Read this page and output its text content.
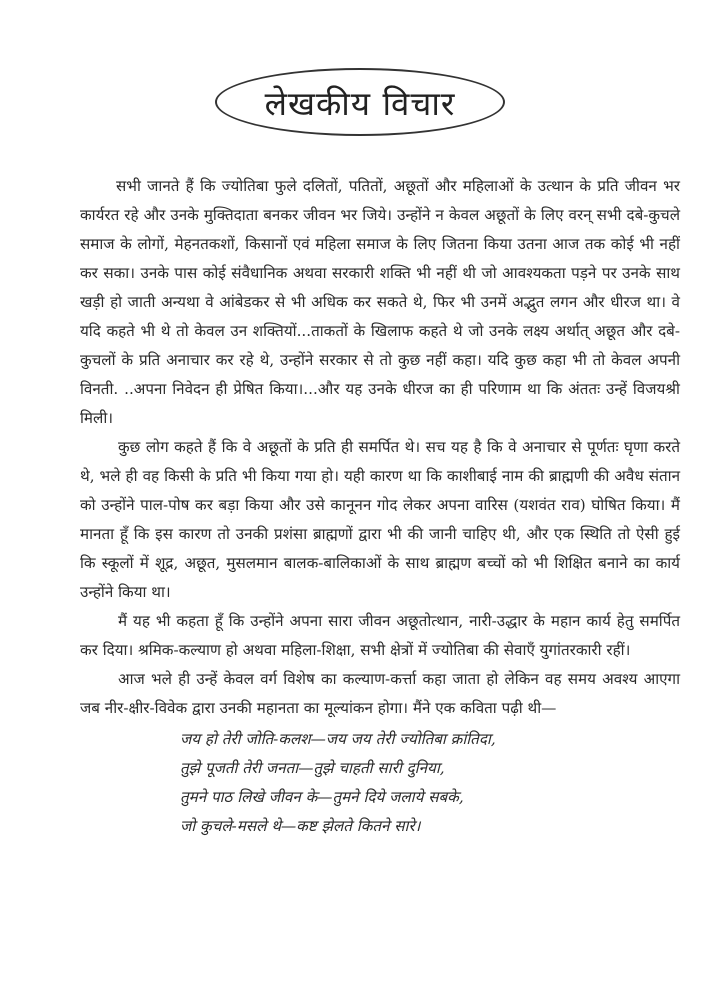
लेखकीय विचार

सभी जानते हैं कि ज्योतिबा फुले दलितों, पतितों, अछूतों और महिलाओं के उत्थान के प्रति जीवन भर कार्यरत रहे और उनके मुक्तिदाता बनकर जीवन भर जिये। उन्होंने न केवल अछूतों के लिए वरन् सभी दबे-कुचले समाज के लोगों, मेहनतकशों, किसानों एवं महिला समाज के लिए जितना किया उतना आज तक कोई भी नहीं कर सका। उनके पास कोई संवैधानिक अथवा सरकारी शक्ति भी नहीं थी जो आवश्यकता पड़ने पर उनके साथ खड़ी हो जाती अन्यथा वे आंबेडकर से भी अधिक कर सकते थे, फिर भी उनमें अद्भुत लगन और धीरज था। वे यदि कहते भी थे तो केवल उन शक्तियों...ताकतों के खिलाफ कहते थे जो उनके लक्ष्य अर्थात् अछूत और दबे-कुचलों के प्रति अनाचार कर रहे थे, उन्होंने सरकार से तो कुछ नहीं कहा। यदि कुछ कहा भी तो केवल अपनी विनती. ..अपना निवेदन ही प्रेषित किया।...और यह उनके धीरज का ही परिणाम था कि अंततः उन्हें विजयश्री मिली।

कुछ लोग कहते हैं कि वे अछूतों के प्रति ही समर्पित थे। सच यह है कि वे अनाचार से पूर्णतः घृणा करते थे, भले ही वह किसी के प्रति भी किया गया हो। यही कारण था कि काशीबाई नाम की ब्राह्मणी की अवैध संतान को उन्होंने पाल-पोष कर बड़ा किया और उसे कानूनन गोद लेकर अपना वारिस (यशवंत राव) घोषित किया। मैं मानता हूँ कि इस कारण तो उनकी प्रशंसा ब्राह्मणों द्वारा भी की जानी चाहिए थी, और एक स्थिति तो ऐसी हुई कि स्कूलों में शूद्र, अछूत, मुसलमान बालक-बालिकाओं के साथ ब्राह्मण बच्चों को भी शिक्षित बनाने का कार्य उन्होंने किया था।

मैं यह भी कहता हूँ कि उन्होंने अपना सारा जीवन अछूतोत्थान, नारी-उद्धार के महान कार्य हेतु समर्पित कर दिया। श्रमिक-कल्याण हो अथवा महिला-शिक्षा, सभी क्षेत्रों में ज्योतिबा की सेवाएँ युगांतरकारी रहीं।

आज भले ही उन्हें केवल वर्ग विशेष का कल्याण-कर्त्ता कहा जाता हो लेकिन वह समय अवश्य आएगा जब नीर-क्षीर-विवेक द्वारा उनकी महानता का मूल्यांकन होगा। मैंने एक कविता पढ़ी थी—

जय हो तेरी जोति-कलश—जय जय तेरी ज्योतिबा क्रांतिदा,
तुझे पूजती तेरी जनता—तुझे चाहती सारी दुनिया,
तुमने पाठ लिखे जीवन के—तुमने दिये जलाये सबके,
जो कुचले-मसले थे—कष्ट झेलते कितने सारे।
